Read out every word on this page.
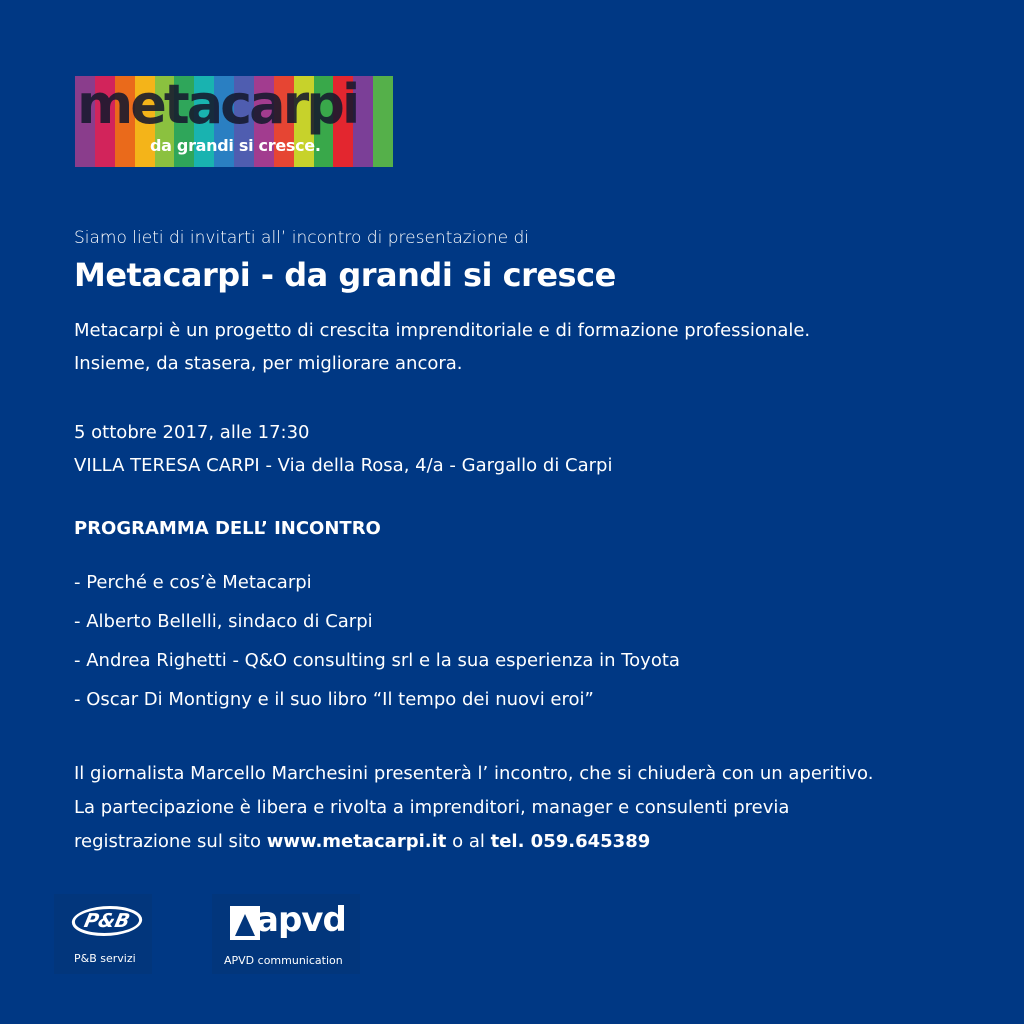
metacarpi
da grandi si cresce.
Siamo lieti di invitarti all’ incontro di presentazione di
Metacarpi - da grandi si cresce
Metacarpi è un progetto di crescita imprenditoriale e di formazione professionale.
Insieme, da stasera, per migliorare ancora.
5 ottobre 2017, alle 17:30
VILLA TERESA CARPI - Via della Rosa, 4/a - Gargallo di Carpi
PROGRAMMA DELL’ INCONTRO
- Perché e cos’è Metacarpi
- Alberto Bellelli, sindaco di Carpi
- Andrea Righetti - Q&O consulting srl e la sua esperienza in Toyota
- Oscar Di Montigny e il suo libro “Il tempo dei nuovi eroi”
Il giornalista Marcello Marchesini presenterà l’ incontro, che si chiuderà con un aperitivo.
La partecipazione è libera e rivolta a imprenditori, manager e consulenti previa
registrazione sul sito www.metacarpi.it o al tel. 059.645389
P&B
P&B servizi
apvd
APVD communication
